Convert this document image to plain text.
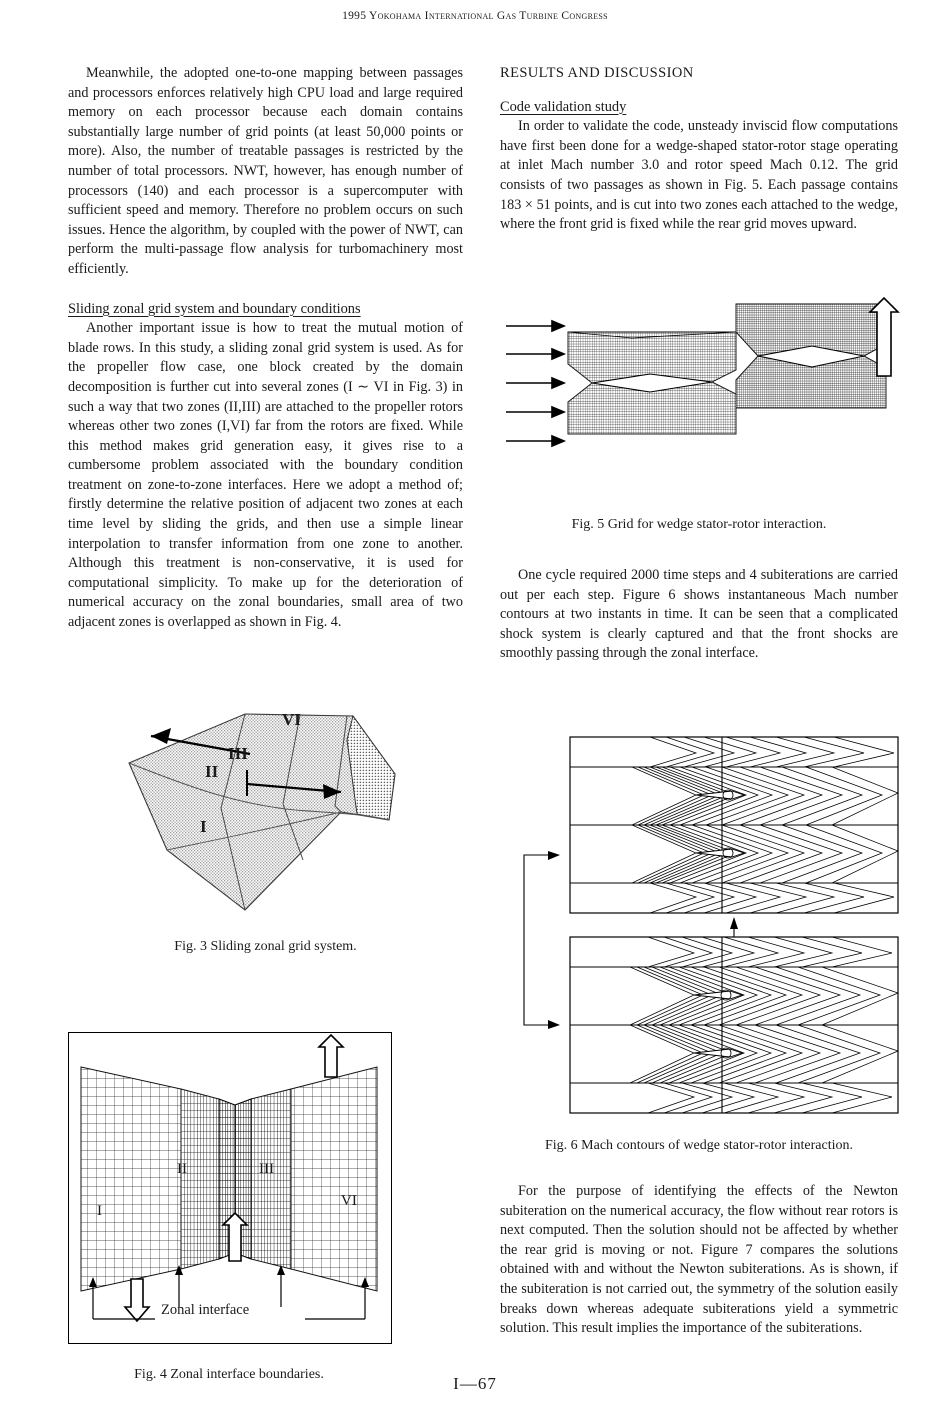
1995 Yokohama International Gas Turbine Congress

Meanwhile, the adopted one-to-one mapping between passages and processors enforces relatively high CPU load and large required memory on each processor because each domain contains substantially large number of grid points (at least 50,000 points or more). Also, the number of treatable passages is restricted by the number of total processors. NWT, however, has enough number of processors (140) and each processor is a supercomputer with sufficient speed and memory. Therefore no problem occurs on such issues. Hence the algorithm, by coupled with the power of NWT, can perform the multi-passage flow analysis for turbomachinery most efficiently.

Sliding zonal grid system and boundary conditions

Another important issue is how to treat the mutual motion of blade rows. In this study, a sliding zonal grid system is used. As for the propeller flow case, one block created by the domain decomposition is further cut into several zones (I ∼ VI in Fig. 3) in such a way that two zones (II,III) are attached to the propeller rotors whereas other two zones (I,VI) far from the rotors are fixed. While this method makes grid generation easy, it gives rise to a cumbersome problem associated with the boundary condition treatment on zone-to-zone interfaces. Here we adopt a method of; firstly determine the relative position of adjacent two zones at each time level by sliding the grids, and then use a simple linear interpolation to transfer information from one zone to another. Although this treatment is non-conservative, it is used for computational simplicity. To make up for the deterioration of numerical accuracy on the zonal boundaries, small area of two adjacent zones is overlapped as shown in Fig. 4.

VI
III
II
I
Fig. 3 Sliding zonal grid system.
I
II	III
VI
Zonal interface
Fig. 4 Zonal interface boundaries.
RESULTS AND DISCUSSION
Code validation study

In order to validate the code, unsteady inviscid flow computations have first been done for a wedge-shaped stator-rotor stage operating at inlet Mach number 3.0 and rotor speed Mach 0.12. The grid consists of two passages as shown in Fig. 5. Each passage contains 183 × 51 points, and is cut into two zones each attached to the wedge, where the front grid is fixed while the rear grid moves upward.

Fig. 5 Grid for wedge stator-rotor interaction.

One cycle required 2000 time steps and 4 subiterations are carried out per each step. Figure 6 shows instantaneous Mach number contours at two instants in time. It can be seen that a complicated shock system is clearly captured and that the front shocks are smoothly passing through the zonal interface.

Fig. 6 Mach contours of wedge stator-rotor interaction.

For the purpose of identifying the effects of the Newton subiteration on the numerical accuracy, the flow without rear rotors is next computed. Then the solution should not be affected by whether the rear grid is moving or not. Figure 7 compares the solutions obtained with and without the Newton subiterations. As is shown, if the subiteration is not carried out, the symmetry of the solution easily breaks down whereas adequate subiterations yield a symmetric solution. This result implies the importance of the subiterations.

I—67
